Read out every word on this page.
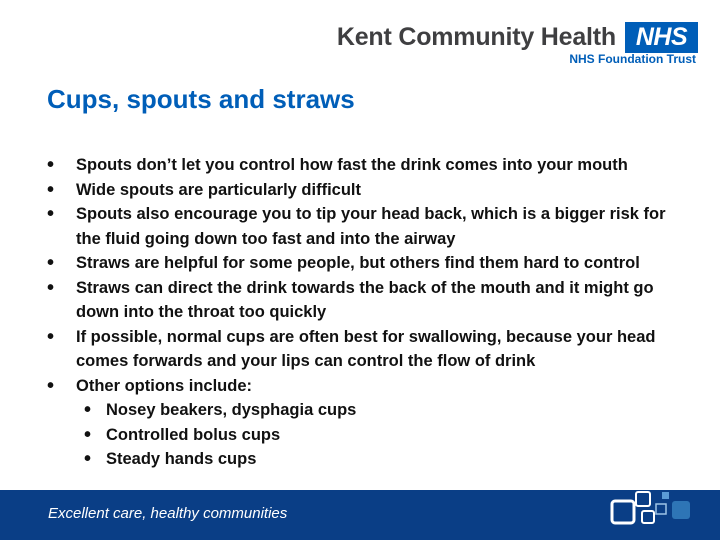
Kent Community Health NHS
NHS Foundation Trust
Cups, spouts and straws
• Spouts don’t let you control how fast the drink comes into your mouth
• Wide spouts are particularly difficult
• Spouts also encourage you to tip your head back, which is a bigger risk for the fluid going down too fast and into the airway
• Straws are helpful for some people, but others find them hard to control
• Straws can direct the drink towards the back of the mouth and it might go down into the throat too quickly
• If possible, normal cups are often best for swallowing, because your head comes forwards and your lips can control the flow of drink
• Other options include:
• Nosey beakers, dysphagia cups
• Controlled bolus cups
• Steady hands cups
Excellent care, healthy communities
